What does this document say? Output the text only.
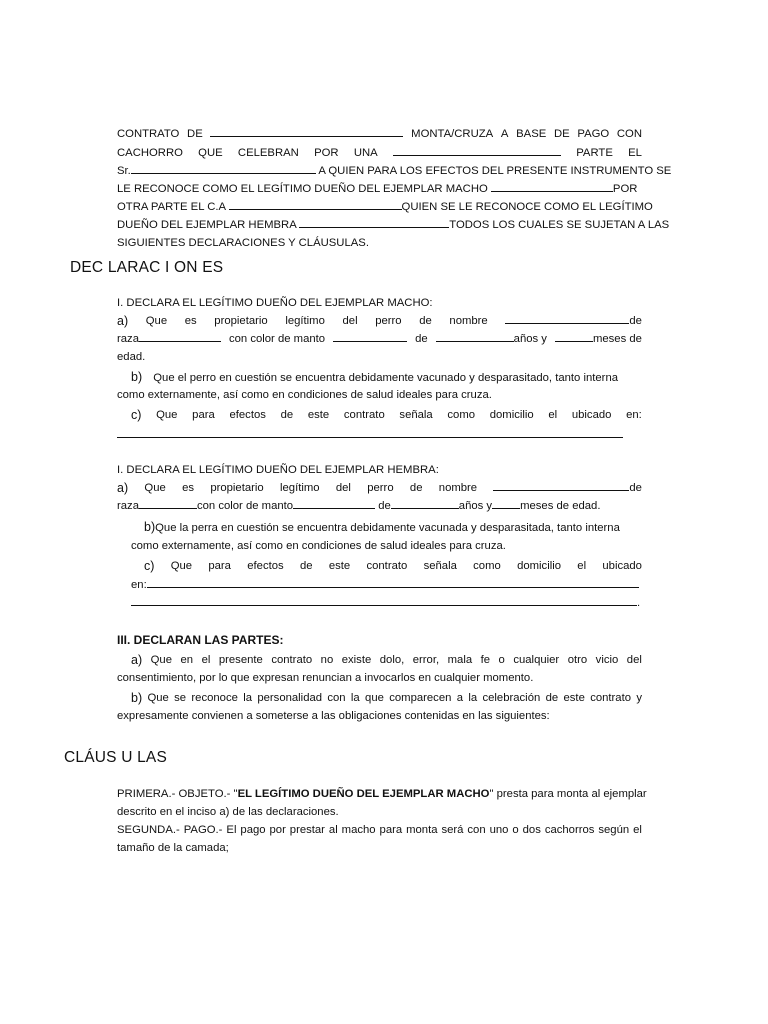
CONTRATO DE	MONTA/CRUZA A BASE DE PAGO CON
CACHORRO QUE CELEBRAN POR UNA	PARTE EL
Sr.	A QUIEN PARA LOS EFECTOS DEL PRESENTE INSTRUMENTO SE
LE RECONOCE COMO EL LEGÍTIMO DUEÑO DEL EJEMPLAR MACHO	POR
OTRA PARTE EL C.A	QUIEN SE LE RECONOCE COMO EL LEGÍTIMO
DUEÑO DEL EJEMPLAR HEMBRA	TODOS LOS CUALES SE SUJETAN A LAS
SIGUIENTES DECLARACIONES Y CLÁUSULAS.
DEC LARAC I ON ES
I. DECLARA EL LEGÍTIMO DUEÑO DEL EJEMPLAR MACHO:
a) Que es propietario legítimo del perro de nombre	de
raza	con color de manto	de	años y	meses de
edad.
b) Que el perro en cuestión se encuentra debidamente vacunado y desparasitado, tanto interna
como externamente, así como en condiciones de salud ideales para cruza.
c) Que para efectos de este contrato señala como domicilio el ubicado en:
I. DECLARA EL LEGÍTIMO DUEÑO DEL EJEMPLAR HEMBRA:
a) Que es propietario legítimo del perro de nombre	de
raza	con color de manto	de	años y meses de edad.
b)Que la perra en cuestión se encuentra debidamente vacunada y desparasitada, tanto interna
como externamente, así como en condiciones de salud ideales para cruza.
c) Que para efectos de este contrato señala como domicilio el ubicado
en:
.
III. DECLARAN LAS PARTES:
a) Que en el presente contrato no existe dolo, error, mala fe o cualquier otro vicio del
consentimiento, por lo que expresan renuncian a invocarlos en cualquier momento.
b) Que se reconoce la personalidad con la que comparecen a la celebración de este contrato y
expresamente convienen a someterse a las obligaciones contenidas en las siguientes:
CLÁUS U LAS
PRIMERA.- OBJETO.- "EL LEGÍTIMO DUEÑO DEL EJEMPLAR MACHO" presta para monta al ejemplar
descrito en el inciso a) de las declaraciones.
SEGUNDA.- PAGO.- El pago por prestar al macho para monta será con uno o dos cachorros según el
tamaño de la camada;
